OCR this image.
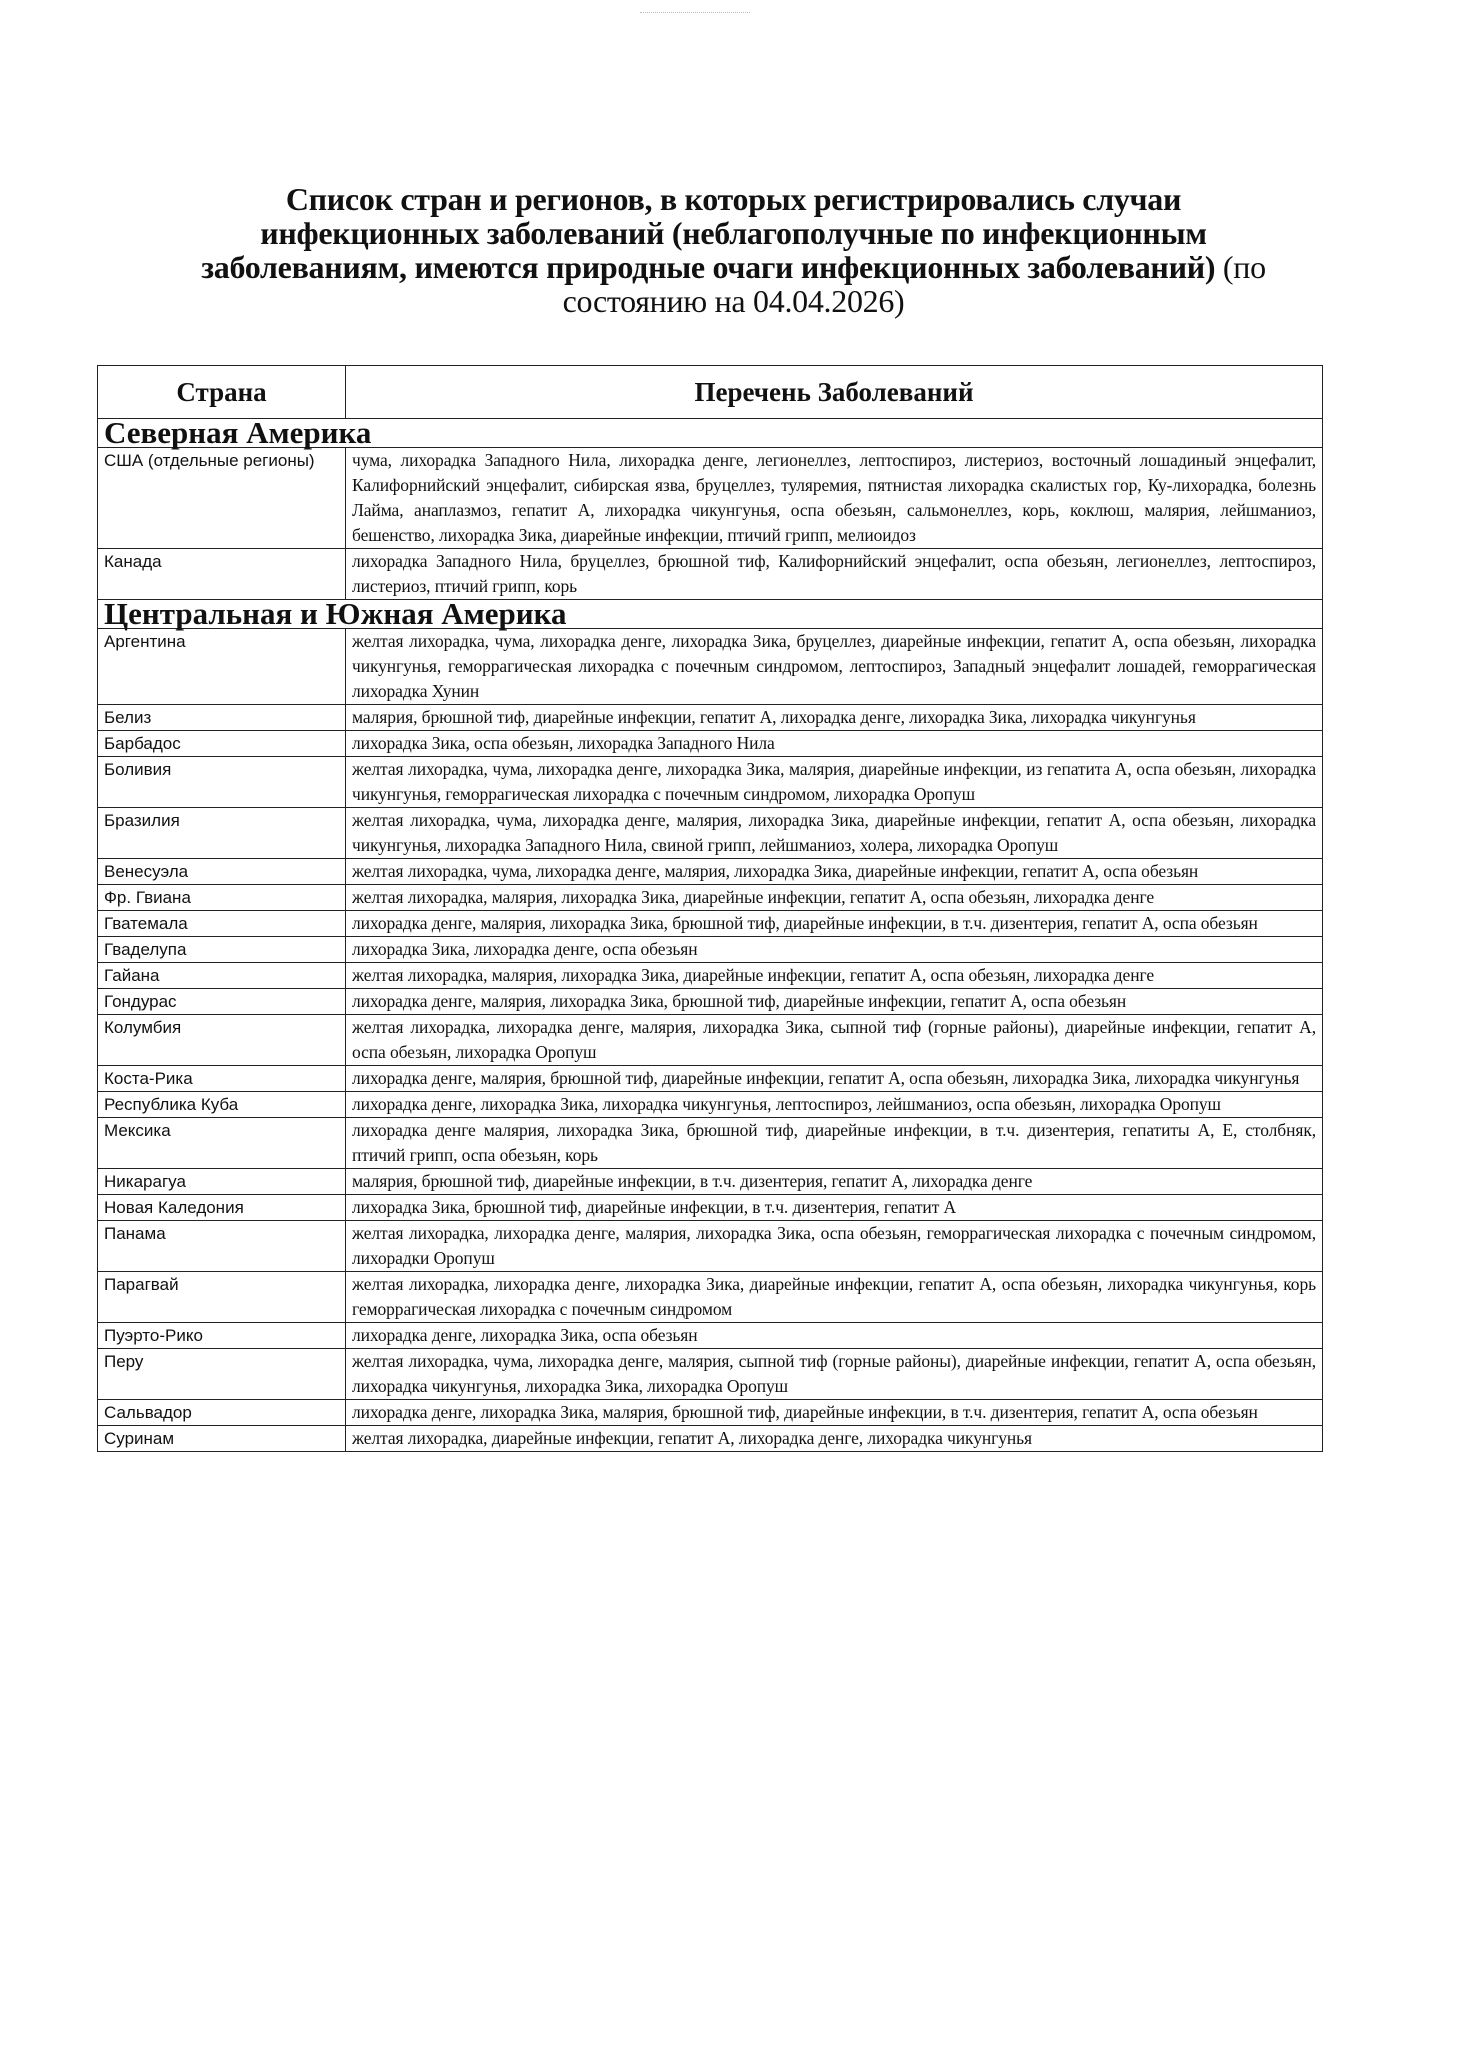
Список стран и регионов, в которых регистрировались случаи инфекционных заболеваний (неблагополучные по инфекционным заболеваниям, имеются природные очаги инфекционных заболеваний) (по состоянию на 04.04.2026)
Страна	Перечень Заболеваний
Северная Америка	
США (отдельные регионы)	чума, лихорадка Западного Нила, лихорадка денге, легионеллез, лептоспироз, листериоз, восточный лошадиный энцефалит, Калифорнийский энцефалит, сибирская язва, бруцеллез, туляремия, пятнистая лихорадка скалистых гор, Ку-лихорадка, болезнь Лайма, анаплазмоз, гепатит А, лихорадка чикунгунья, оспа обезьян, сальмонеллез, корь, коклюш, малярия, лейшманиоз, бешенство, лихорадка Зика, диарейные инфекции, птичий грипп, мелиоидоз
Канада	лихорадка Западного Нила, бруцеллез, брюшной тиф, Калифорнийский энцефалит, оспа обезьян, легионеллез, лептоспироз, листериоз, птичий грипп, корь
Центральная и Южная Америка	
Аргентина	желтая лихорадка, чума, лихорадка денге, лихорадка Зика, бруцеллез, диарейные инфекции, гепатит А, оспа обезьян, лихорадка чикунгунья, геморрагическая лихорадка с почечным синдромом, лептоспироз, Западный энцефалит лошадей, геморрагическая лихорадка Хунин
Белиз	малярия, брюшной тиф, диарейные инфекции, гепатит А, лихорадка денге, лихорадка Зика, лихорадка чикунгунья
Барбадос	лихорадка Зика, оспа обезьян, лихорадка Западного Нила
Боливия	желтая лихорадка, чума, лихорадка денге, лихорадка Зика, малярия, диарейные инфекции, из гепатита А, оспа обезьян, лихорадка чикунгунья, геморрагическая лихорадка с почечным синдромом, лихорадка Оропуш
Бразилия	желтая лихорадка, чума, лихорадка денге, малярия, лихорадка Зика, диарейные инфекции, гепатит А, оспа обезьян, лихорадка чикунгунья, лихорадка Западного Нила, свиной грипп, лейшманиоз, холера, лихорадка Оропуш
Венесуэла	желтая лихорадка, чума, лихорадка денге, малярия, лихорадка Зика, диарейные инфекции, гепатит А, оспа обезьян
Фр. Гвиана	желтая лихорадка, малярия, лихорадка Зика, диарейные инфекции, гепатит А, оспа обезьян, лихорадка денге
Гватемала	лихорадка денге, малярия, лихорадка Зика, брюшной тиф, диарейные инфекции, в т.ч. дизентерия, гепатит А, оспа обезьян
Гваделупа	лихорадка Зика, лихорадка денге, оспа обезьян
Гайана	желтая лихорадка, малярия, лихорадка Зика, диарейные инфекции, гепатит А, оспа обезьян, лихорадка денге
Гондурас	лихорадка денге, малярия, лихорадка Зика, брюшной тиф, диарейные инфекции, гепатит А, оспа обезьян
Колумбия	желтая лихорадка, лихорадка денге, малярия, лихорадка Зика, сыпной тиф (горные районы), диарейные инфекции, гепатит А, оспа обезьян, лихорадка Оропуш
Коста-Рика	лихорадка денге, малярия, брюшной тиф, диарейные инфекции, гепатит А, оспа обезьян, лихорадка Зика, лихорадка чикунгунья
Республика Куба	лихорадка денге, лихорадка Зика, лихорадка чикунгунья, лептоспироз, лейшманиоз, оспа обезьян, лихорадка Оропуш
Мексика	лихорадка денге малярия, лихорадка Зика, брюшной тиф, диарейные инфекции, в т.ч. дизентерия, гепатиты А, Е, столбняк, птичий грипп, оспа обезьян, корь
Никарагуа	малярия, брюшной тиф, диарейные инфекции, в т.ч. дизентерия, гепатит А, лихорадка денге
Новая Каледония	лихорадка Зика, брюшной тиф, диарейные инфекции, в т.ч. дизентерия, гепатит А
Панама	желтая лихорадка, лихорадка денге, малярия, лихорадка Зика, оспа обезьян, геморрагическая лихорадка с почечным синдромом, лихорадки Оропуш
Парагвай	желтая лихорадка, лихорадка денге, лихорадка Зика, диарейные инфекции, гепатит А, оспа обезьян, лихорадка чикунгунья, корь геморрагическая лихорадка с почечным синдромом
Пуэрто-Рико	лихорадка денге, лихорадка Зика, оспа обезьян
Перу	желтая лихорадка, чума, лихорадка денге, малярия, сыпной тиф (горные районы), диарейные инфекции, гепатит А, оспа обезьян, лихорадка чикунгунья, лихорадка Зика, лихорадка Оропуш
Сальвадор	лихорадка денге, лихорадка Зика, малярия, брюшной тиф, диарейные инфекции, в т.ч. дизентерия, гепатит А, оспа обезьян
Суринам	желтая лихорадка, диарейные инфекции, гепатит А, лихорадка денге, лихорадка чикунгунья
